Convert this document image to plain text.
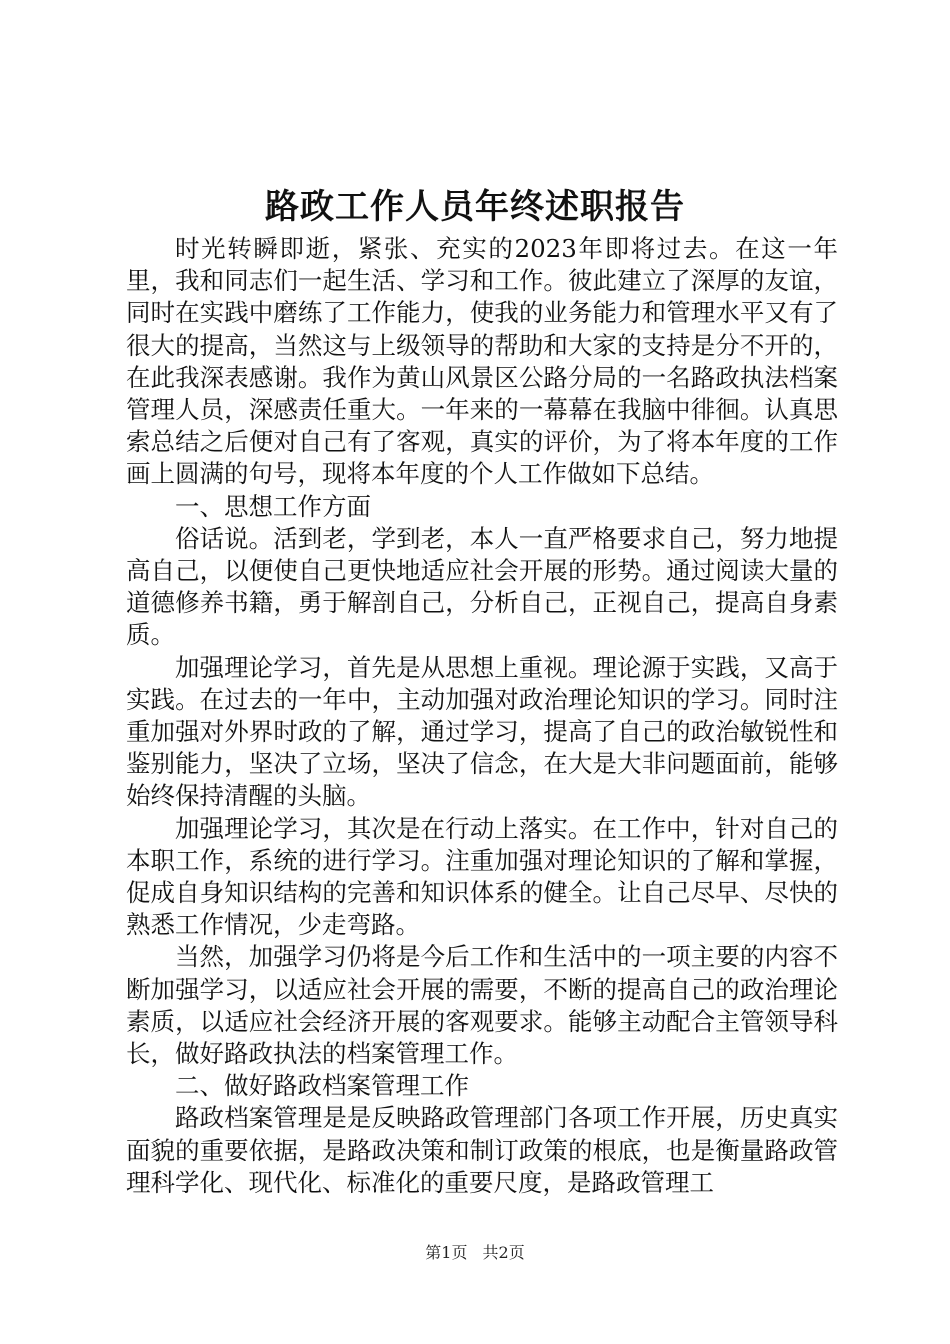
路政工作人员年终述职报告

时光转瞬即逝，紧张、充实的2023年即将过去。在这一年里，我和同志们一起生活、学习和工作。彼此建立了深厚的友谊，同时在实践中磨练了工作能力，使我的业务能力和管理水平又有了很大的提高，当然这与上级领导的帮助和大家的支持是分不开的，在此我深表感谢。我作为黄山风景区公路分局的一名路政执法档案管理人员，深感责任重大。一年来的一幕幕在我脑中徘徊。认真思索总结之后便对自己有了客观，真实的评价，为了将本年度的工作画上圆满的句号，现将本年度的个人工作做如下总结。

一、思想工作方面

俗话说。活到老，学到老，本人一直严格要求自己，努力地提高自己，以便使自己更快地适应社会开展的形势。通过阅读大量的道德修养书籍，勇于解剖自己，分析自己，正视自己，提高自身素质。

加强理论学习，首先是从思想上重视。理论源于实践，又高于实践。在过去的一年中，主动加强对政治理论知识的学习。同时注重加强对外界时政的了解，通过学习，提高了自己的政治敏锐性和鉴别能力，坚决了立场，坚决了信念，在大是大非问题面前，能够始终保持清醒的头脑。

加强理论学习，其次是在行动上落实。在工作中，针对自己的本职工作，系统的进行学习。注重加强对理论知识的了解和掌握，促成自身知识结构的完善和知识体系的健全。让自己尽早、尽快的熟悉工作情况，少走弯路。

当然，加强学习仍将是今后工作和生活中的一项主要的内容不断加强学习，以适应社会开展的需要，不断的提高自己的政治理论素质，以适应社会经济开展的客观要求。能够主动配合主管领导科长，做好路政执法的档案管理工作。

二、做好路政档案管理工作

路政档案管理是是反映路政管理部门各项工作开展，历史真实面貌的重要依据，是路政决策和制订政策的根底，也是衡量路政管理科学化、现代化、标准化的重要尺度，是路政管理工

第1页 共2页
